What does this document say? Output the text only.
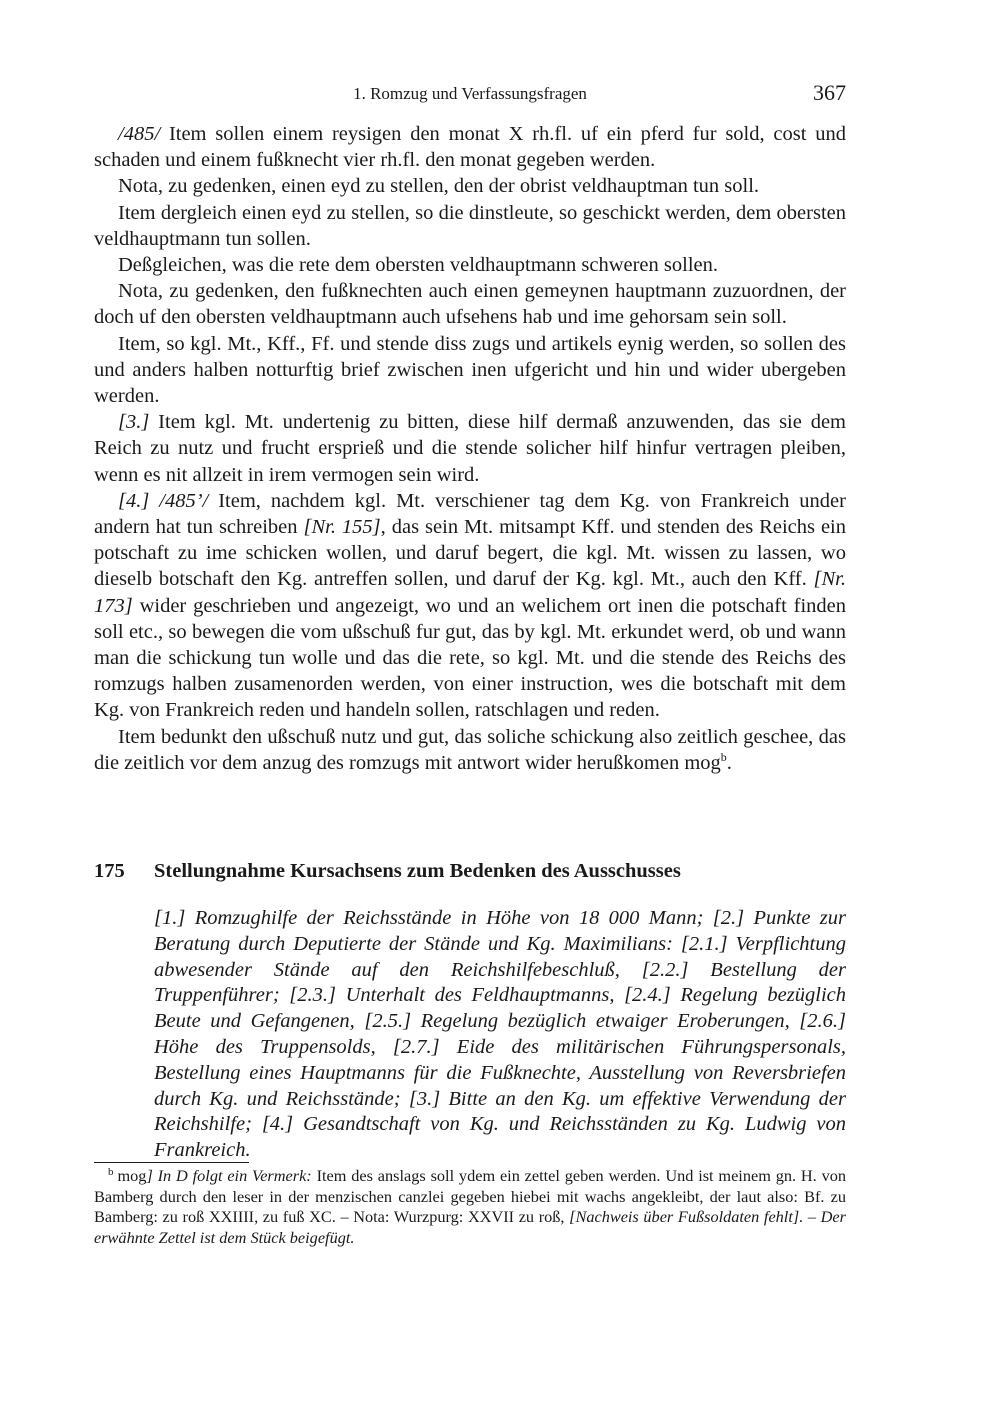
1. Romzug und Verfassungsfragen	367

/485/ Item sollen einem reysigen den monat X rh.fl. uf ein pferd fur sold, cost und schaden und einem fußknecht vier rh.fl. den monat gegeben werden.

Nota, zu gedenken, einen eyd zu stellen, den der obrist veldhauptman tun soll.

Item dergleich einen eyd zu stellen, so die dinstleute, so geschickt werden, dem obersten veldhauptmann tun sollen.

Deßgleichen, was die rete dem obersten veldhauptmann schweren sollen.

Nota, zu gedenken, den fußknechten auch einen gemeynen hauptmann zuzuordnen, der doch uf den obersten veldhauptmann auch ufsehens hab und ime gehorsam sein soll.

Item, so kgl. Mt., Kff., Ff. und stende diss zugs und artikels eynig werden, so sollen des und anders halben notturftig brief zwischen inen ufgericht und hin und wider ubergeben werden.

[3.] Item kgl. Mt. undertenig zu bitten, diese hilf dermaß anzuwenden, das sie dem Reich zu nutz und frucht ersprieß und die stende solicher hilf hinfur vertragen pleiben, wenn es nit allzeit in irem vermogen sein wird.

[4.] /485’/ Item, nachdem kgl. Mt. verschiener tag dem Kg. von Frankreich under andern hat tun schreiben [Nr. 155], das sein Mt. mitsampt Kff. und stenden des Reichs ein potschaft zu ime schicken wollen, und daruf begert, die kgl. Mt. wissen zu lassen, wo dieselb botschaft den Kg. antreffen sollen, und daruf der Kg. kgl. Mt., auch den Kff. [Nr. 173] wider geschrieben und angezeigt, wo und an welichem ort inen die potschaft finden soll etc., so bewegen die vom ußschuß fur gut, das by kgl. Mt. erkundet werd, ob und wann man die schickung tun wolle und das die rete, so kgl. Mt. und die stende des Reichs des romzugs halben zusamenorden werden, von einer instruction, wes die botschaft mit dem Kg. von Frankreich reden und handeln sollen, ratschlagen und reden.

Item bedunkt den ußschuß nutz und gut, das soliche schickung also zeitlich geschee, das die zeitlich vor dem anzug des romzugs mit antwort wider herußkomen mog$^b$.

175 Stellungnahme Kursachsens zum Bedenken des Ausschusses
[1.] Romzughilfe der Reichsstände in Höhe von 18 000 Mann; [2.] Punkte zur Beratung durch Deputierte der Stände und Kg. Maximilians: [2.1.] Verpflichtung abwesender Stände auf den Reichshilfebeschluß, [2.2.] Bestellung der Truppenführer; [2.3.] Unterhalt des Feldhauptmanns, [2.4.] Regelung bezüglich Beute und Gefangenen, [2.5.] Regelung bezüglich etwaiger Eroberungen, [2.6.] Höhe des Truppensolds, [2.7.] Eide des militärischen Führungspersonals, Bestellung eines Hauptmanns für die Fußknechte, Ausstellung von Reversbriefen durch Kg. und Reichsstände; [3.] Bitte an den Kg. um effektive Verwendung der Reichshilfe; [4.] Gesandtschaft von Kg. und Reichsständen zu Kg. Ludwig von Frankreich.
$^b$ mog] In D folgt ein Vermerk: Item des anslags soll ydem ein zettel geben werden. Und ist meinem gn. H. von Bamberg durch den leser in der menzischen canzlei gegeben hiebei mit wachs angekleibt, der laut also: Bf. zu Bamberg: zu roß XXIIII, zu fuß XC. – Nota: Wurzpurg: XXVII zu roß, [Nachweis über Fußsoldaten fehlt]. – Der erwähnte Zettel ist dem Stück beigefügt.
